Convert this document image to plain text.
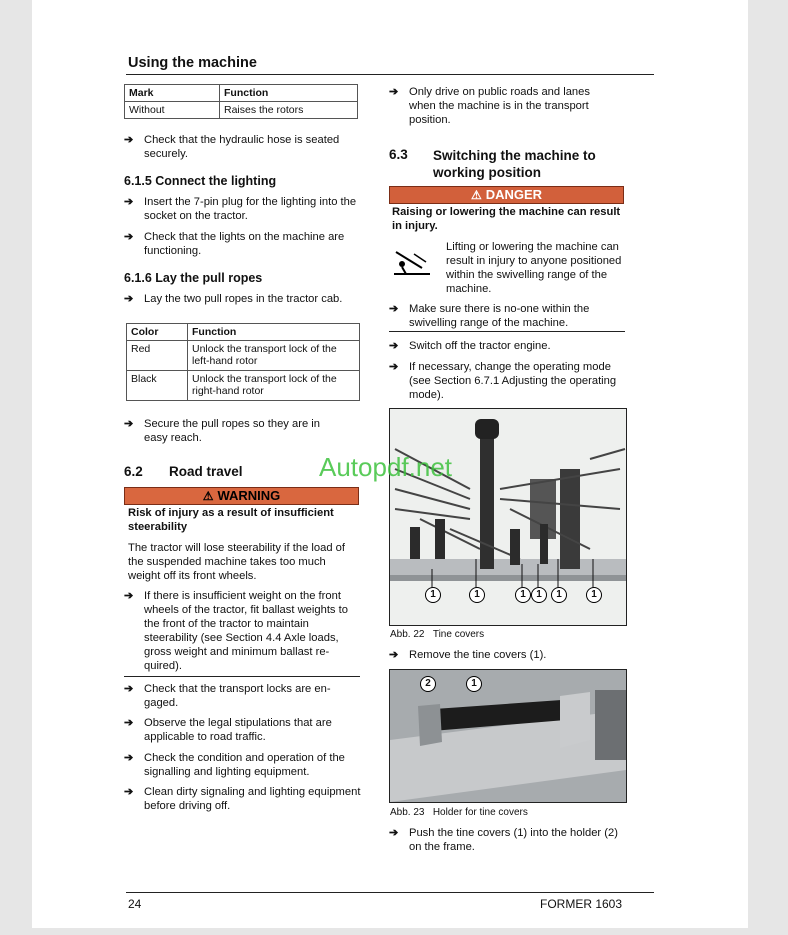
Using the machine
Mark	Function
Without	Raises the rotors
➔ Check that the hydraulic hose is seated securely.
6.1.5 Connect the lighting
➔ Insert the 7-pin plug for the lighting into the socket on the tractor.
➔ Check that the lights on the machine are functioning.
6.1.6 Lay the pull ropes
➔ Lay the two pull ropes in the tractor cab.
Color	Function
Red	Unlock the transport lock of the left-hand rotor
Black	Unlock the transport lock of the right-hand rotor
➔ Secure the pull ropes so they are in easy reach.
6.2 Road travel
⚠ WARNING
Risk of injury as a result of insufficient steerability
The tractor will lose steerability if the load of the suspended machine takes too much weight off its front wheels.
➔ If there is insufficient weight on the front wheels of the tractor, fit ballast weights to the front of the tractor to maintain steerability (see Section 4.4 Axle loads, gross weight and minimum ballast re-quired).
➔ Check that the transport locks are en-gaged.
➔ Observe the legal stipulations that are applicable to road traffic.
➔ Check the condition and operation of the signalling and lighting equipment.
➔ Clean dirty signaling and lighting equipment before driving off.
➔ Only drive on public roads and lanes when the machine is in the transport position.
6.3 Switching the machine to working position
⚠ DANGER
Raising or lowering the machine can result in injury.
Lifting or lowering the machine can result in injury to anyone positioned within the swivelling range of the machine.
➔ Make sure there is no-one within the swivelling range of the machine.
➔ Switch off the tractor engine.
➔ If necessary, change the operating mode (see Section 6.7.1 Adjusting the operating mode).
1	1	1	1	1	1
Abb. 22 Tine covers
➔ Remove the tine covers (1).
2	1
Abb. 23 Holder for tine covers
➔ Push the tine covers (1) into the holder (2) on the frame.
24	FORMER 1603
Autopdf.net
